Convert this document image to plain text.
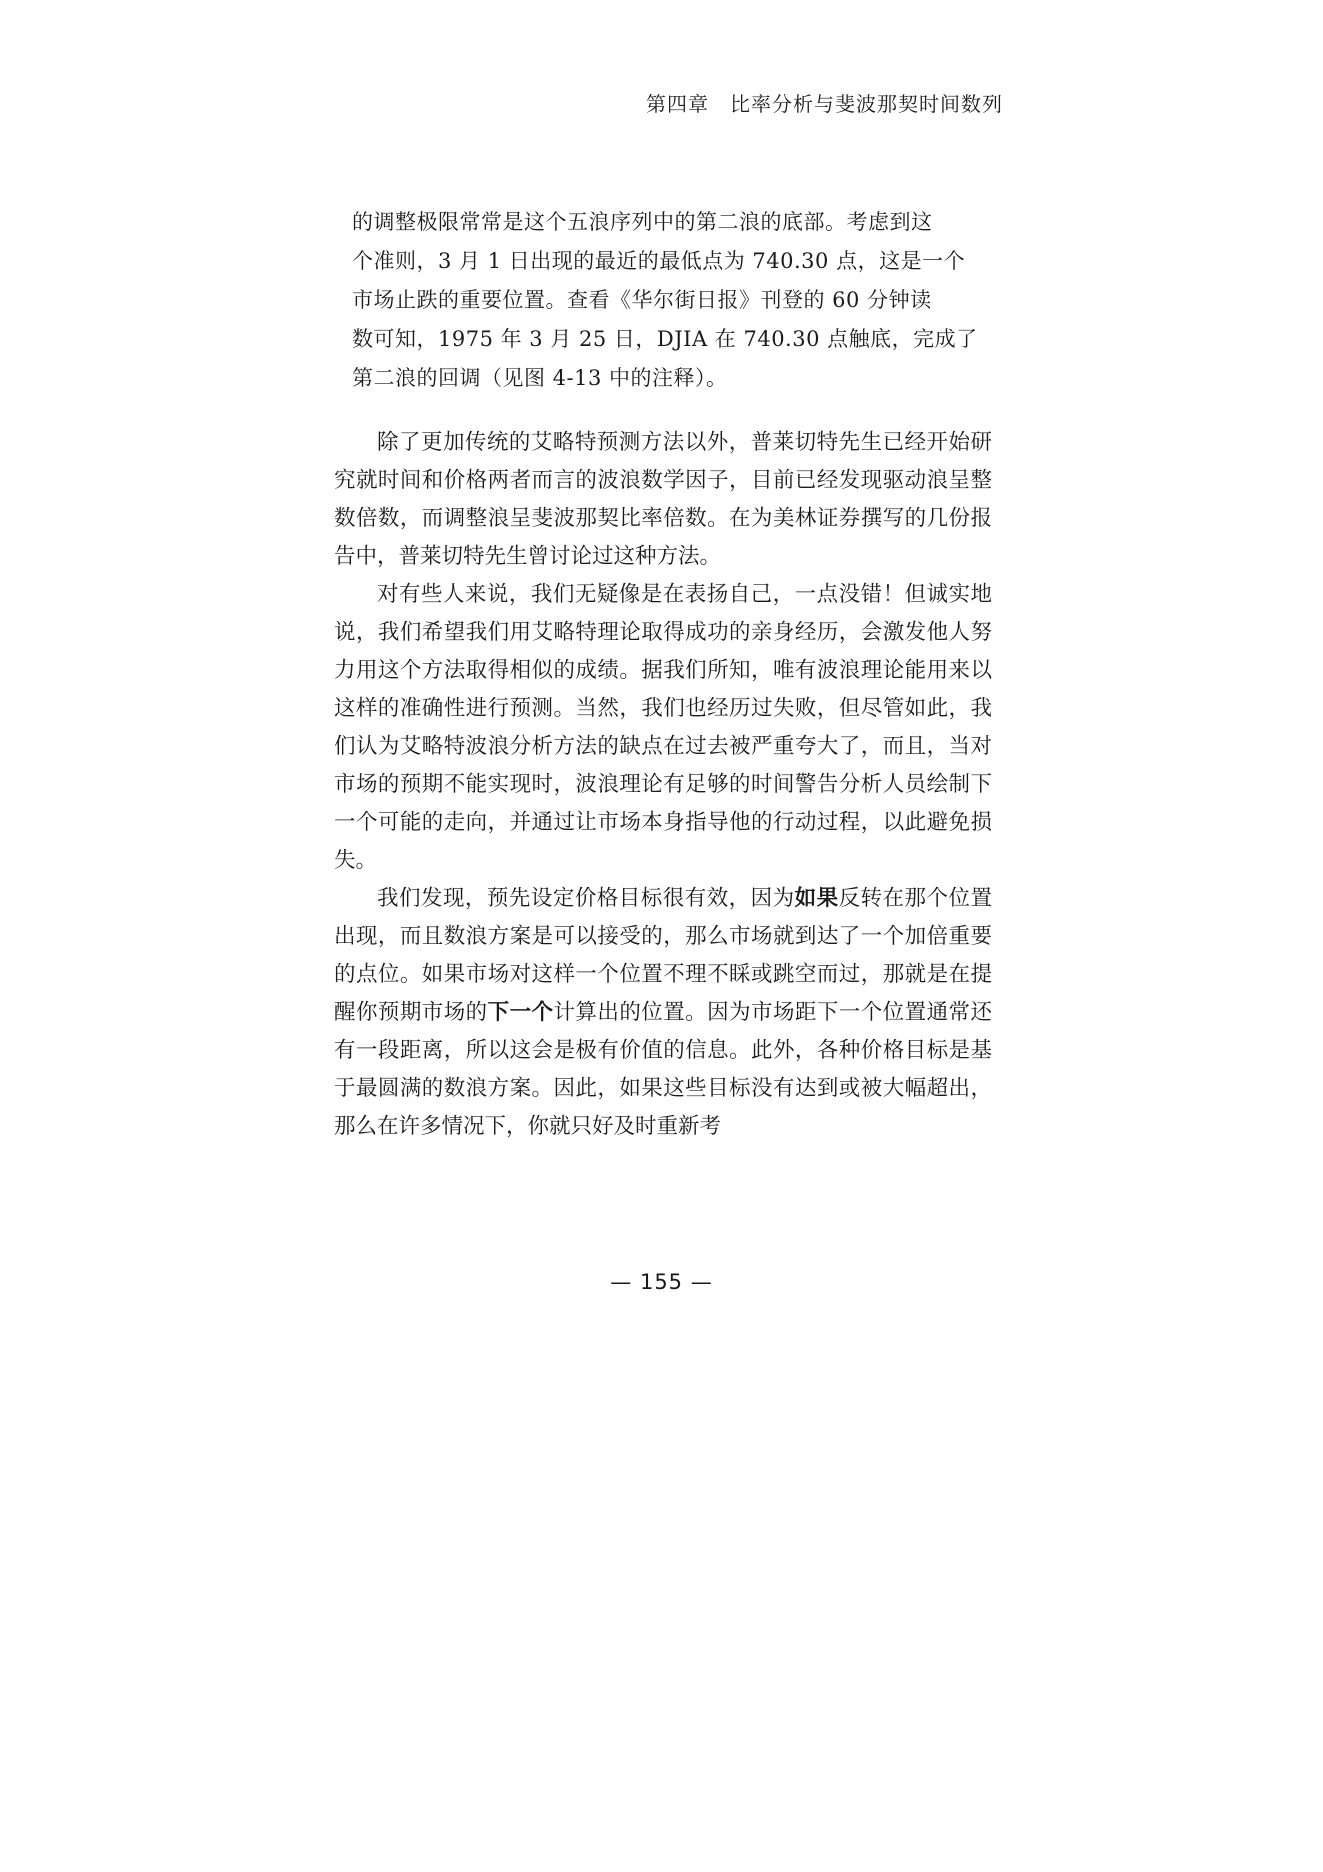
第四章　比率分析与斐波那契时间数列

的调整极限常常是这个五浪序列中的第二浪的底部。考虑到这

个准则，3 月 1 日出现的最近的最低点为 740.30 点，这是一个

市场止跌的重要位置。查看《华尔街日报》刊登的 60 分钟读

数可知，1975 年 3 月 25 日，DJIA 在 740.30 点触底，完成了

第二浪的回调（见图 4-13 中的注释）。

除了更加传统的艾略特预测方法以外，普莱切特先生已经开始研究就时间和价格两者而言的波浪数学因子，目前已经发现驱动浪呈整数倍数，而调整浪呈斐波那契比率倍数。在为美林证券撰写的几份报告中，普莱切特先生曾讨论过这种方法。

对有些人来说，我们无疑像是在表扬自己，一点没错！但诚实地说，我们希望我们用艾略特理论取得成功的亲身经历，会激发他人努力用这个方法取得相似的成绩。据我们所知，唯有波浪理论能用来以这样的准确性进行预测。当然，我们也经历过失败，但尽管如此，我们认为艾略特波浪分析方法的缺点在过去被严重夸大了，而且，当对市场的预期不能实现时，波浪理论有足够的时间警告分析人员绘制下一个可能的走向，并通过让市场本身指导他的行动过程，以此避免损失。

我们发现，预先设定价格目标很有效，因为如果反转在那个位置出现，而且数浪方案是可以接受的，那么市场就到达了一个加倍重要的点位。如果市场对这样一个位置不理不睬或跳空而过，那就是在提醒你预期市场的下一个计算出的位置。因为市场距下一个位置通常还有一段距离，所以这会是极有价值的信息。此外，各种价格目标是基于最圆满的数浪方案。因此，如果这些目标没有达到或被大幅超出，那么在许多情况下，你就只好及时重新考

— 155 —
